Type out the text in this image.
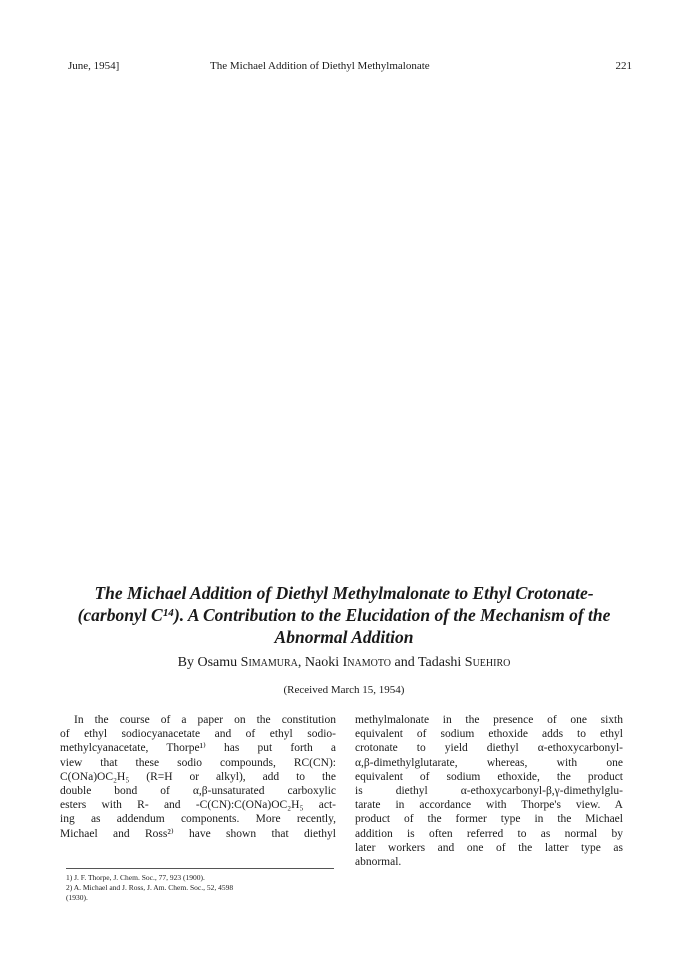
June, 1954]	The Michael Addition of Diethyl Methylmalonate	221
The Michael Addition of Diethyl Methylmalonate to Ethyl Crotonate-
(carbonyl C¹⁴). A Contribution to the Elucidation of the Mechanism of the
Abnormal Addition
By Osamu Simamura, Naoki Inamoto and Tadashi Suehiro
(Received March 15, 1954)
In the course of a paper on the constitution
of ethyl sodiocyanacetate and of ethyl sodio-
methylcyanacetate, Thorpe¹⁾ has put forth a
view that these sodio compounds, RC(CN):
C(ONa)OC₂H₅ (R=H or alkyl), add to the
double bond of α,β-unsaturated carboxylic
esters with R- and -C(CN):C(ONa)OC₂H₅ act-
ing as addendum components. More recently,
Michael and Ross²⁾ have shown that diethyl
1) J. F. Thorpe, J. Chem. Soc., 77, 923 (1900).
2) A. Michael and J. Ross, J. Am. Chem. Soc., 52, 4598
(1930).
methylmalonate in the presence of one sixth
equivalent of sodium ethoxide adds to ethyl
crotonate to yield diethyl α-ethoxycarbonyl-
α,β-dimethylglutarate, whereas, with one
equivalent of sodium ethoxide, the product
is diethyl α-ethoxycarbonyl-β,γ-dimethylglu-
tarate in accordance with Thorpe's view. A
product of the former type in the Michael
addition is often referred to as normal by
later workers and one of the latter type as
abnormal.
